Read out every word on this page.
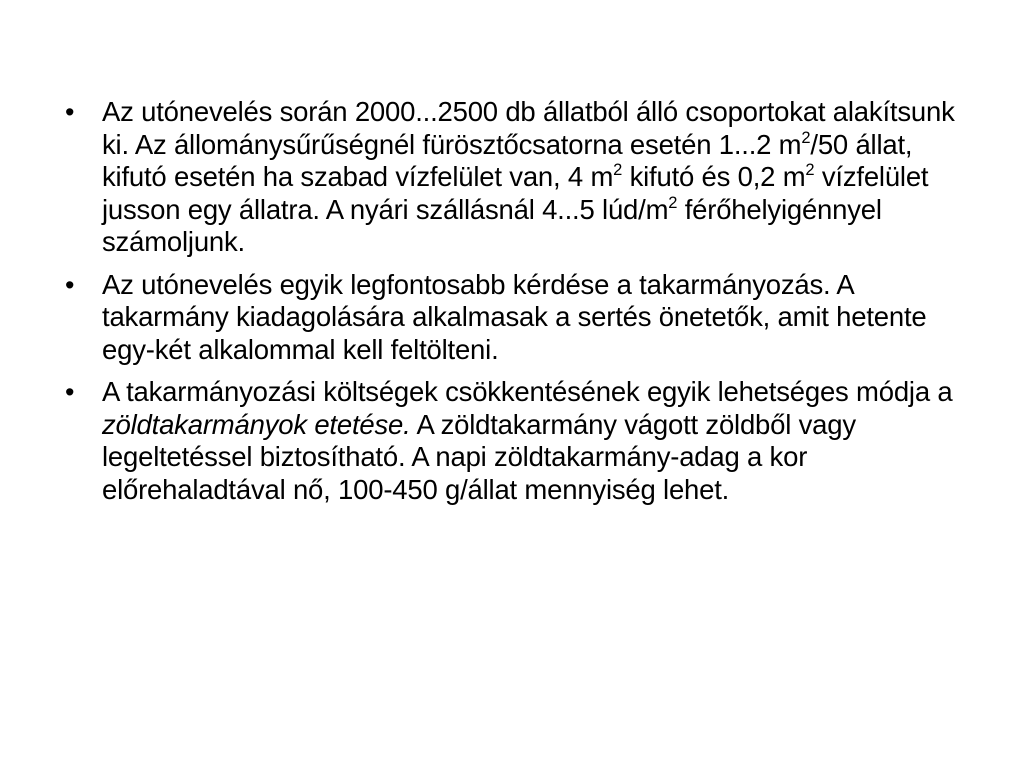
• Az utónevelés során 2000...2500 db állatból álló csoportokat alakítsunk ki. Az állománysűrűségnél fürösztőcsatorna esetén 1...2 $m^2/50$ állat, kifutó esetén ha szabad vízfelület van, 4 $m^2$ kifutó és 0,2 $m^2$ vízfelület jusson egy állatra. A nyári szállásnál 4...5 lúd/$m^2$ férőhelyigénnyel számoljunk.
• Az utónevelés egyik legfontosabb kérdése a takarmányozás. A takarmány kiadagolására alkalmasak a sertés önetetők, amit hetente egy-két alkalommal kell feltölteni.
• A takarmányozási költségek csökkentésének egyik lehetséges módja a zöldtakarmányok etetése. A zöldtakarmány vágott zöldből vagy legeltetéssel biztosítható. A napi zöldtakarmány-adag a kor előrehaladtával nő, 100-450 g/állat mennyiség lehet.
